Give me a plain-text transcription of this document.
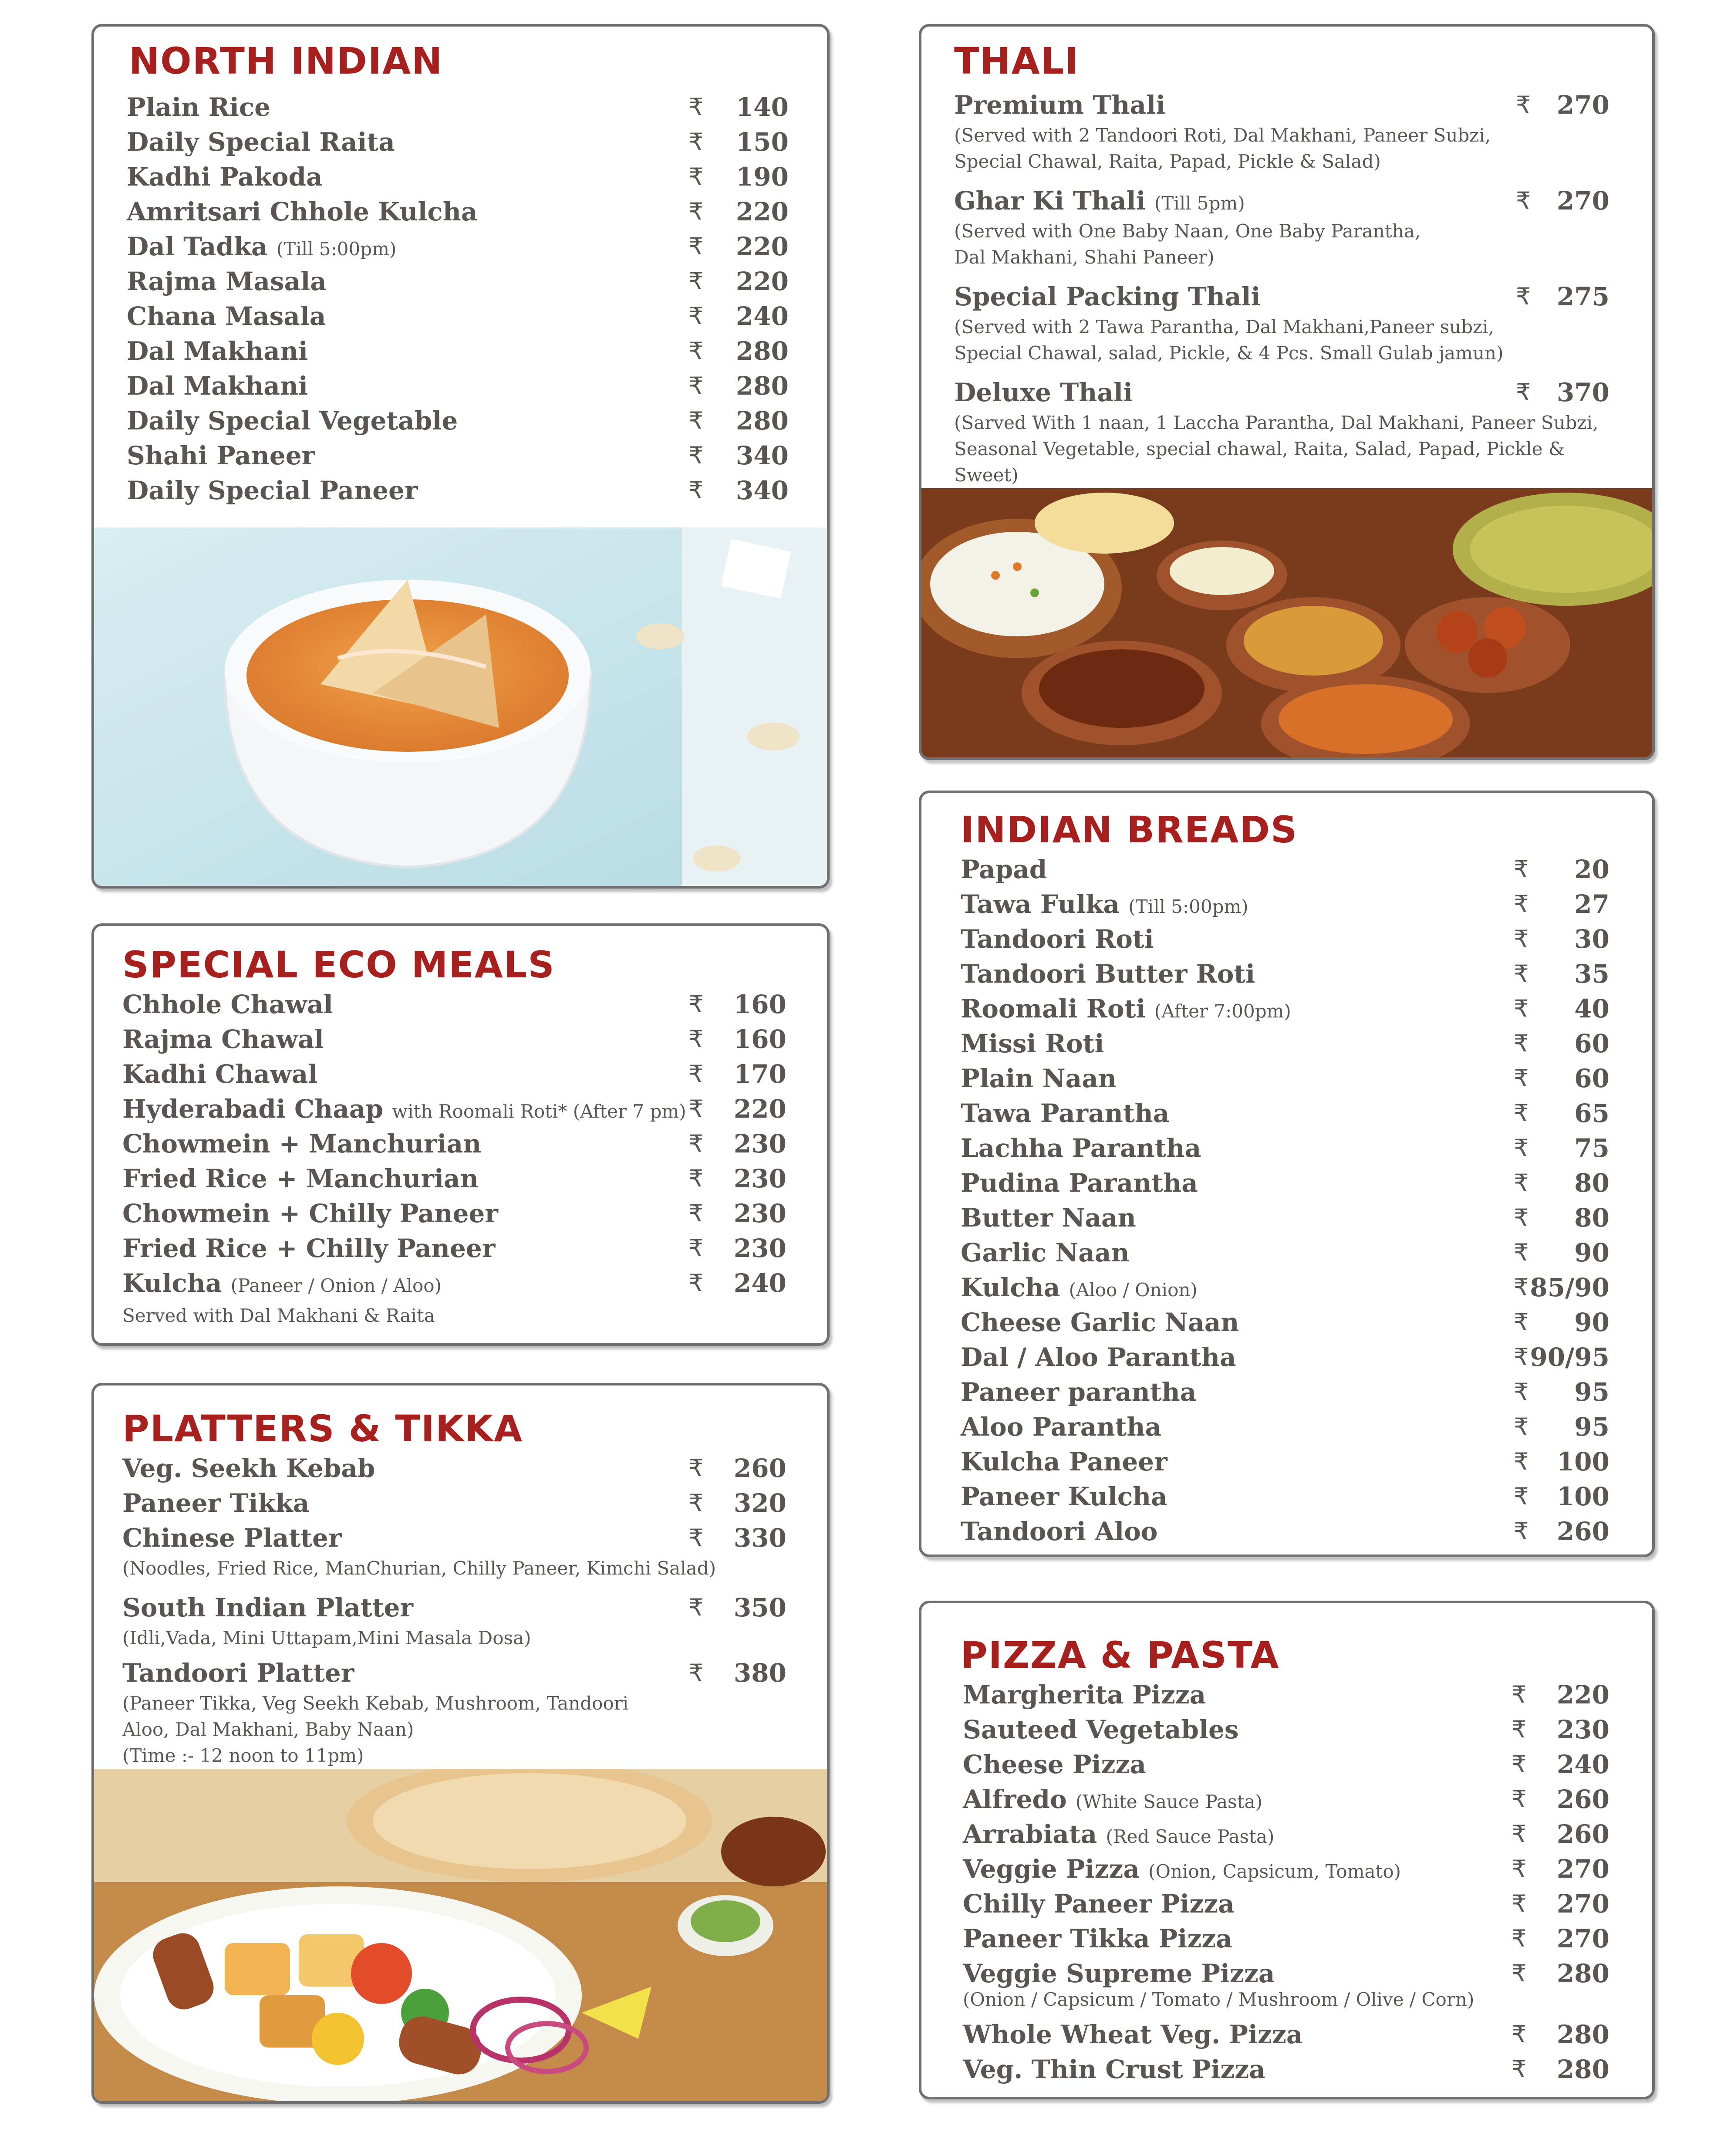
NORTH INDIAN
Plain Rice	₹	140
Daily Special Raita	₹	150
Kadhi Pakoda	₹	190
Amritsari Chhole Kulcha	₹	220
Dal Tadka (Till 5:00pm)	₹	220
Rajma Masala	₹	220
Chana Masala	₹	240
Dal Makhani	₹	280
Dal Makhani	₹	280
Daily Special Vegetable	₹	280
Shahi Paneer	₹	340
Daily Special Paneer	₹	340
SPECIAL ECO MEALS
Chhole Chawal	₹	160
Rajma Chawal	₹	160
Kadhi Chawal	₹	170
Hyderabadi Chaap with Roomali Roti* (After 7 pm) ₹	220
Chowmein + Manchurian	₹	230
Fried Rice + Manchurian	₹	230
Chowmein + Chilly Paneer	₹	230
Fried Rice + Chilly Paneer	₹	230
Kulcha (Paneer / Onion / Aloo)	₹	240
Served with Dal Makhani & Raita
PLATTERS & TIKKA
Veg. Seekh Kebab	₹	260
Paneer Tikka	₹	320
Chinese Platter	₹	330
(Noodles, Fried Rice, ManChurian, Chilly Paneer, Kimchi Salad)
South Indian Platter	₹	350
(Idli,Vada, Mini Uttapam,Mini Masala Dosa)
Tandoori Platter	₹	380
(Paneer Tikka, Veg Seekh Kebab, Mushroom, Tandoori Aloo, Dal Makhani, Baby Naan)
(Time :- 12 noon to 11pm)
THALI
Premium Thali	₹	270
(Served with 2 Tandoori Roti, Dal Makhani, Paneer Subzi, Special Chawal, Raita, Papad, Pickle & Salad)
Ghar Ki Thali (Till 5pm)	₹	270
(Served with One Baby Naan, One Baby Parantha, Dal Makhani, Shahi Paneer)
Special Packing Thali	₹	275
(Served with 2 Tawa Parantha, Dal Makhani,Paneer subzi, Special Chawal, salad, Pickle, & 4 Pcs. Small Gulab jamun)
Deluxe Thali	₹	370
(Sarved With 1 naan, 1 Laccha Parantha, Dal Makhani, Paneer Subzi, Seasonal Vegetable, special chawal, Raita, Salad, Papad, Pickle & Sweet)
INDIAN BREADS
Papad	₹	20
Tawa Fulka (Till 5:00pm)	₹	27
Tandoori Roti	₹	30
Tandoori Butter Roti	₹	35
Roomali Roti (After 7:00pm)	₹	40
Missi Roti	₹	60
Plain Naan	₹	60
Tawa Parantha	₹	65
Lachha Parantha	₹	75
Pudina Parantha	₹	80
Butter Naan	₹	80
Garlic Naan	₹	90
Kulcha (Aloo / Onion)	₹ 85/90
Cheese Garlic Naan	₹	90
Dal / Aloo Parantha	₹ 90/95
Paneer parantha	₹	95
Aloo Parantha	₹	95
Kulcha Paneer	₹	100
Paneer Kulcha	₹	100
Tandoori Aloo	₹	260
PIZZA & PASTA
Margherita Pizza	₹	220
Sauteed Vegetables	₹	230
Cheese Pizza	₹	240
Alfredo (White Sauce Pasta)	₹	260
Arrabiata (Red Sauce Pasta)	₹	260
Veggie Pizza (Onion, Capsicum, Tomato)	₹	270
Chilly Paneer Pizza	₹	270
Paneer Tikka Pizza	₹	270
Veggie Supreme Pizza	₹	280
(Onion / Capsicum / Tomato / Mushroom / Olive / Corn)
Whole Wheat Veg. Pizza	₹	280
Veg. Thin Crust Pizza	₹	280
